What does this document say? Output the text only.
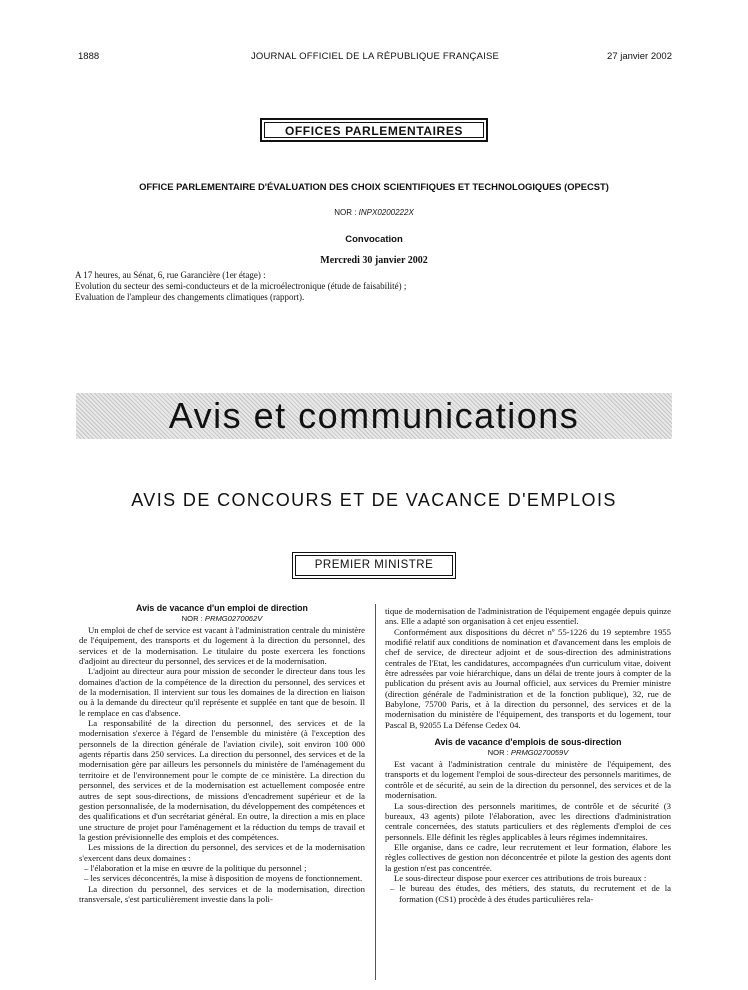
1888	JOURNAL OFFICIEL DE LA RÉPUBLIQUE FRANÇAISE	27 janvier 2002
OFFICES PARLEMENTAIRES
OFFICE PARLEMENTAIRE D'ÉVALUATION DES CHOIX SCIENTIFIQUES ET TECHNOLOGIQUES (OPECST)
NOR : INPX0200222X
Convocation
Mercredi 30 janvier 2002
A 17 heures, au Sénat, 6, rue Garancière (1er étage) :
Evolution du secteur des semi-conducteurs et de la microélectronique (étude de faisabilité) ;
Evaluation de l'ampleur des changements climatiques (rapport).
Avis et communications
AVIS DE CONCOURS ET DE VACANCE D'EMPLOIS
PREMIER MINISTRE
Avis de vacance d'un emploi de direction
NOR : PRMG0270062V

Un emploi de chef de service est vacant à l'administration centrale du ministère de l'équipement, des transports et du logement à la direction du personnel, des services et de la modernisation. Le titulaire du poste exercera les fonctions d'adjoint au directeur du personnel, des services et de la modernisation.

L'adjoint au directeur aura pour mission de seconder le directeur dans tous les domaines d'action de la compétence de la direction du personnel, des services et de la modernisation. Il intervient sur tous les domaines de la direction en liaison ou à la demande du directeur qu'il représente et supplée en tant que de besoin. Il le remplace en cas d'absence.

La responsabilité de la direction du personnel, des services et de la modernisation s'exerce à l'égard de l'ensemble du ministère (à l'exception des personnels de la direction générale de l'aviation civile), soit environ 100 000 agents répartis dans 250 services. La direction du personnel, des services et de la modernisation gère par ailleurs les personnels du ministère de l'aménagement du territoire et de l'environnement pour le compte de ce ministère. La direction du personnel, des services et de la modernisation est actuellement composée entre autres de sept sous-directions, de missions d'encadrement supérieur et de la gestion personnalisée, de la modernisation, du développement des compétences et des qualifications et d'un secrétariat général. En outre, la direction a mis en place une structure de projet pour l'aménagement et la réduction du temps de travail et la gestion prévisionnelle des emplois et des compétences.

Les missions de la direction du personnel, des services et de la modernisation s'exercent dans deux domaines :

– l'élaboration et la mise en œuvre de la politique du personnel ;
– les services déconcentrés, la mise à disposition de moyens de fonctionnement.

La direction du personnel, des services et de la modernisation, direction transversale, s'est particulièrement investie dans la poli-

tique de modernisation de l'administration de l'équipement engagée depuis quinze ans. Elle a adapté son organisation à cet enjeu essentiel.

Conformément aux dispositions du décret nº 55-1226 du 19 septembre 1955 modifié relatif aux conditions de nomination et d'avancement dans les emplois de chef de service, de directeur adjoint et de sous-direction des administrations centrales de l'Etat, les candidatures, accompagnées d'un curriculum vitae, doivent être adressées par voie hiérarchique, dans un délai de trente jours à compter de la publication du présent avis au Journal officiel, aux services du Premier ministre (direction générale de l'administration et de la fonction publique), 32, rue de Babylone, 75700 Paris, et à la direction du personnel, des services et de la modernisation du ministère de l'équipement, des transports et du logement, tour Pascal B, 92055 La Défense Cedex 04.

Avis de vacance d'emplois de sous-direction
NOR : PRMG0270059V

Est vacant à l'administration centrale du ministère de l'équipement, des transports et du logement l'emploi de sous-directeur des personnels maritimes, de contrôle et de sécurité, au sein de la direction du personnel, des services et de la modernisation.

La sous-direction des personnels maritimes, de contrôle et de sécurité (3 bureaux, 43 agents) pilote l'élaboration, avec les directions d'administration centrale concernées, des statuts particuliers et des règlements d'emploi de ces personnels. Elle définit les règles applicables à leurs régimes indemnitaires.

Elle organise, dans ce cadre, leur recrutement et leur formation, élabore les règles collectives de gestion non déconcentrée et pilote la gestion des agents dont la gestion n'est pas concentrée.

Le sous-directeur dispose pour exercer ces attributions de trois bureaux :

– le bureau des études, des métiers, des statuts, du recrutement et de la formation (CS1) procède à des études particulières rela-
